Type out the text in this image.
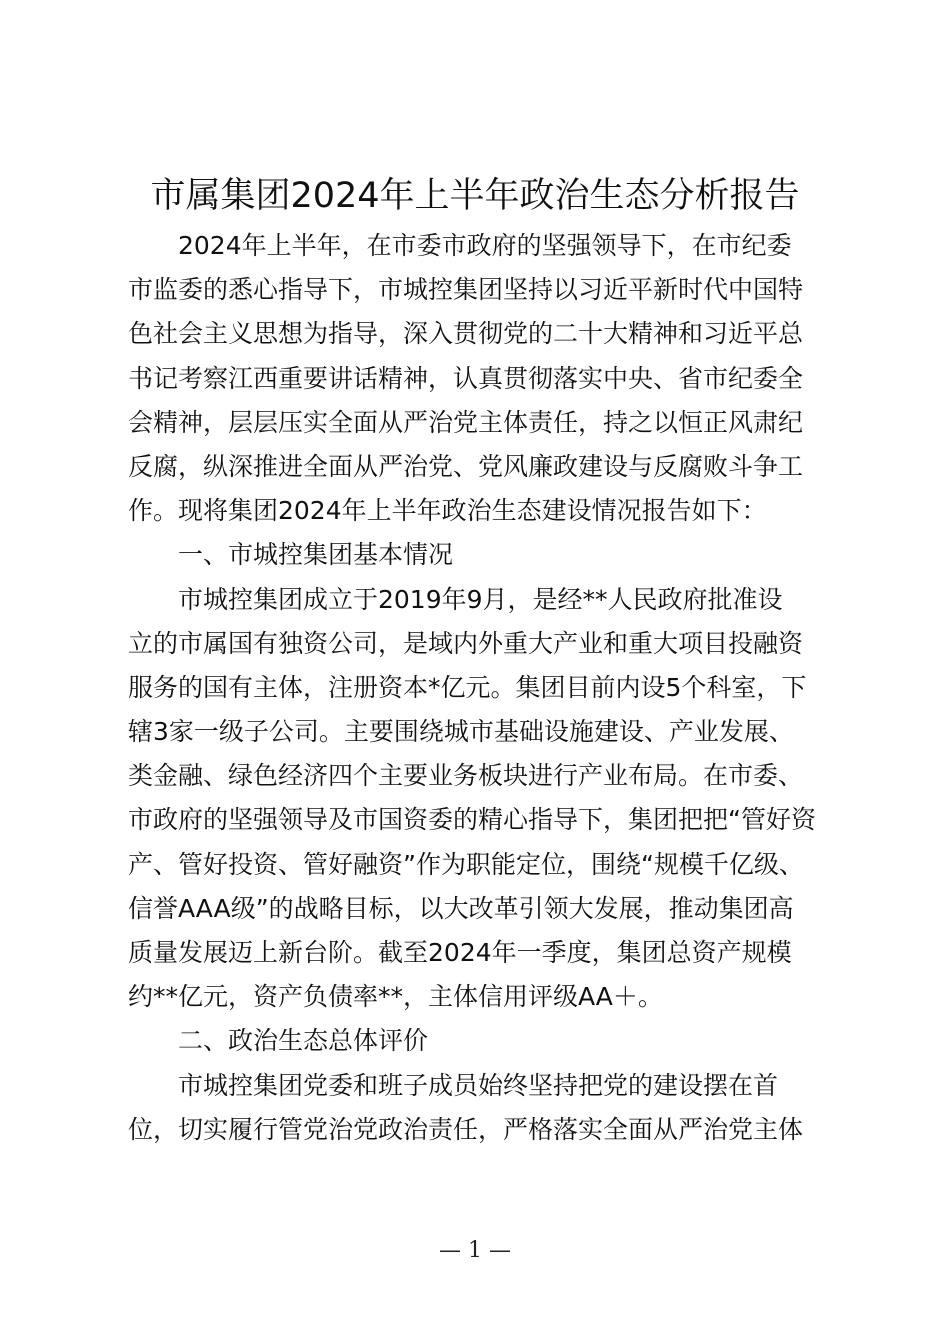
市属集团2024年上半年政治生态分析报告
2024年上半年，在市委市政府的坚强领导下，在市纪委
市监委的悉心指导下，市城控集团坚持以习近平新时代中国特
色社会主义思想为指导，深入贯彻党的二十大精神和习近平总
书记考察江西重要讲话精神，认真贯彻落实中央、省市纪委全
会精神，层层压实全面从严治党主体责任，持之以恒正风肃纪
反腐，纵深推进全面从严治党、党风廉政建设与反腐败斗争工
作。现将集团2024年上半年政治生态建设情况报告如下：
一、市城控集团基本情况
市城控集团成立于2019年9月，是经**人民政府批准设
立的市属国有独资公司，是域内外重大产业和重大项目投融资
服务的国有主体，注册资本*亿元。集团目前内设5个科室，下
辖3家一级子公司。主要围绕城市基础设施建设、产业发展、
类金融、绿色经济四个主要业务板块进行产业布局。在市委、
市政府的坚强领导及市国资委的精心指导下，集团把把“管好资
产、管好投资、管好融资”作为职能定位，围绕“规模千亿级、
信誉AAA级”的战略目标，以大改革引领大发展，推动集团高
质量发展迈上新台阶。截至2024年一季度，集团总资产规模
约**亿元，资产负债率**，主体信用评级AA＋。
二、政治生态总体评价
市城控集团党委和班子成员始终坚持把党的建设摆在首
位，切实履行管党治党政治责任，严格落实全面从严治党主体
— 1 —
